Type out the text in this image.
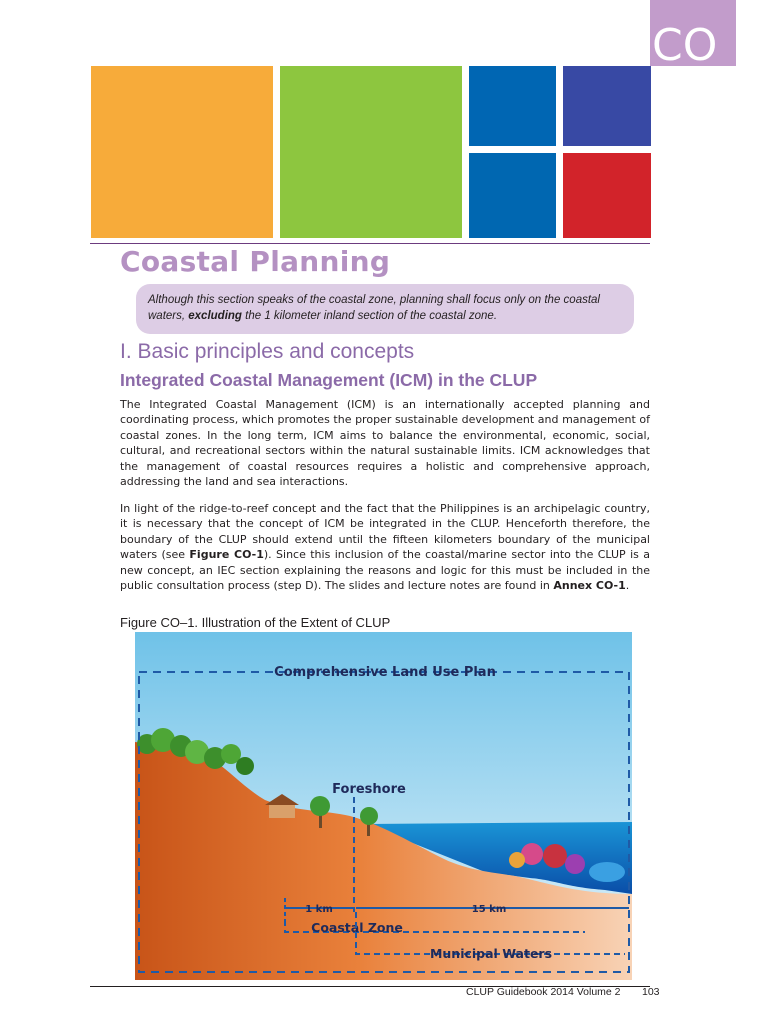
CO
Coastal Planning
Although this section speaks of the coastal zone, planning shall focus only on the coastal waters, excluding the 1 kilometer inland section of the coastal zone.
I. Basic principles and concepts
Integrated Coastal Management (ICM) in the CLUP
The Integrated Coastal Management (ICM) is an internationally accepted planning and coordinating process, which promotes the proper sustainable development and management of coastal zones. In the long term, ICM aims to balance the environmental, economic, social, cultural, and recreational sectors within the natural sustainable limits. ICM acknowledges that the management of coastal resources requires a holistic and comprehensive approach, addressing the land and sea interactions.
In light of the ridge-to-reef concept and the fact that the Philippines is an archipelagic country, it is necessary that the concept of ICM be integrated in the CLUP. Henceforth therefore, the boundary of the CLUP should extend until the fifteen kilometers boundary of the municipal waters (see Figure CO-1). Since this inclusion of the coastal/marine sector into the CLUP is a new concept, an IEC section explaining the reasons and logic for this must be included in the public consultation process (step D). The slides and lecture notes are found in Annex CO-1.
Figure CO–1. Illustration of the Extent of CLUP
Comprehensive Land Use Plan
Foreshore
1 km	15 km
Coastal Zone
Municipal Waters
CLUP Guidebook 2014 Volume 2 103
